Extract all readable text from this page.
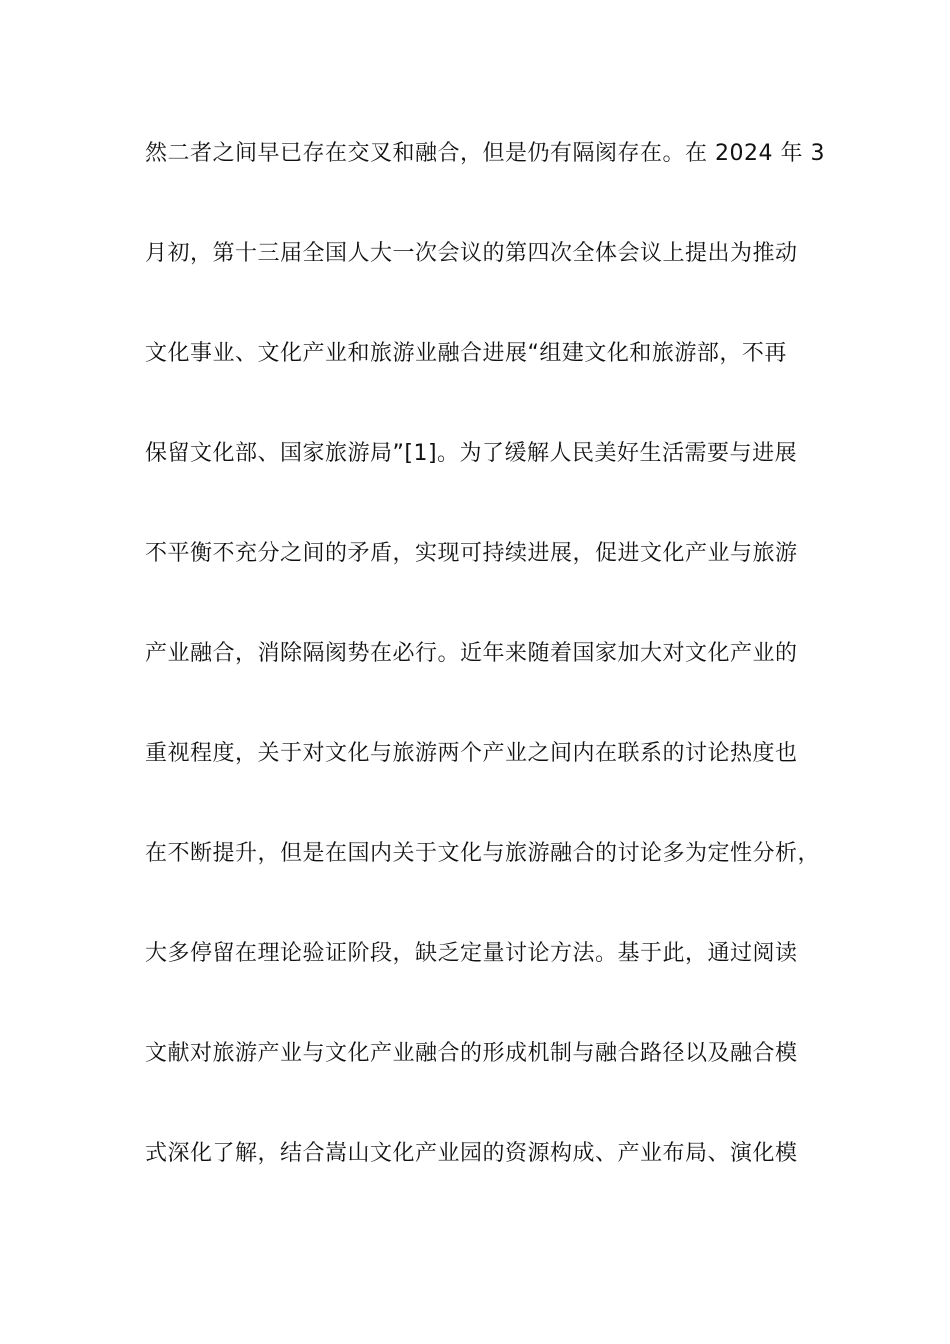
然二者之间早已存在交叉和融合，但是仍有隔阂存在。在 2024 年 3
月初，第十三届全国人大一次会议的第四次全体会议上提出为推动
文化事业、文化产业和旅游业融合进展“组建文化和旅游部，不再
保留文化部、国家旅游局”[1]。为了缓解人民美好生活需要与进展
不平衡不充分之间的矛盾，实现可持续进展，促进文化产业与旅游
产业融合，消除隔阂势在必行。近年来随着国家加大对文化产业的
重视程度，关于对文化与旅游两个产业之间内在联系的讨论热度也
在不断提升，但是在国内关于文化与旅游融合的讨论多为定性分析，
大多停留在理论验证阶段，缺乏定量讨论方法。基于此，通过阅读
文献对旅游产业与文化产业融合的形成机制与融合路径以及融合模
式深化了解，结合嵩山文化产业园的资源构成、产业布局、演化模
